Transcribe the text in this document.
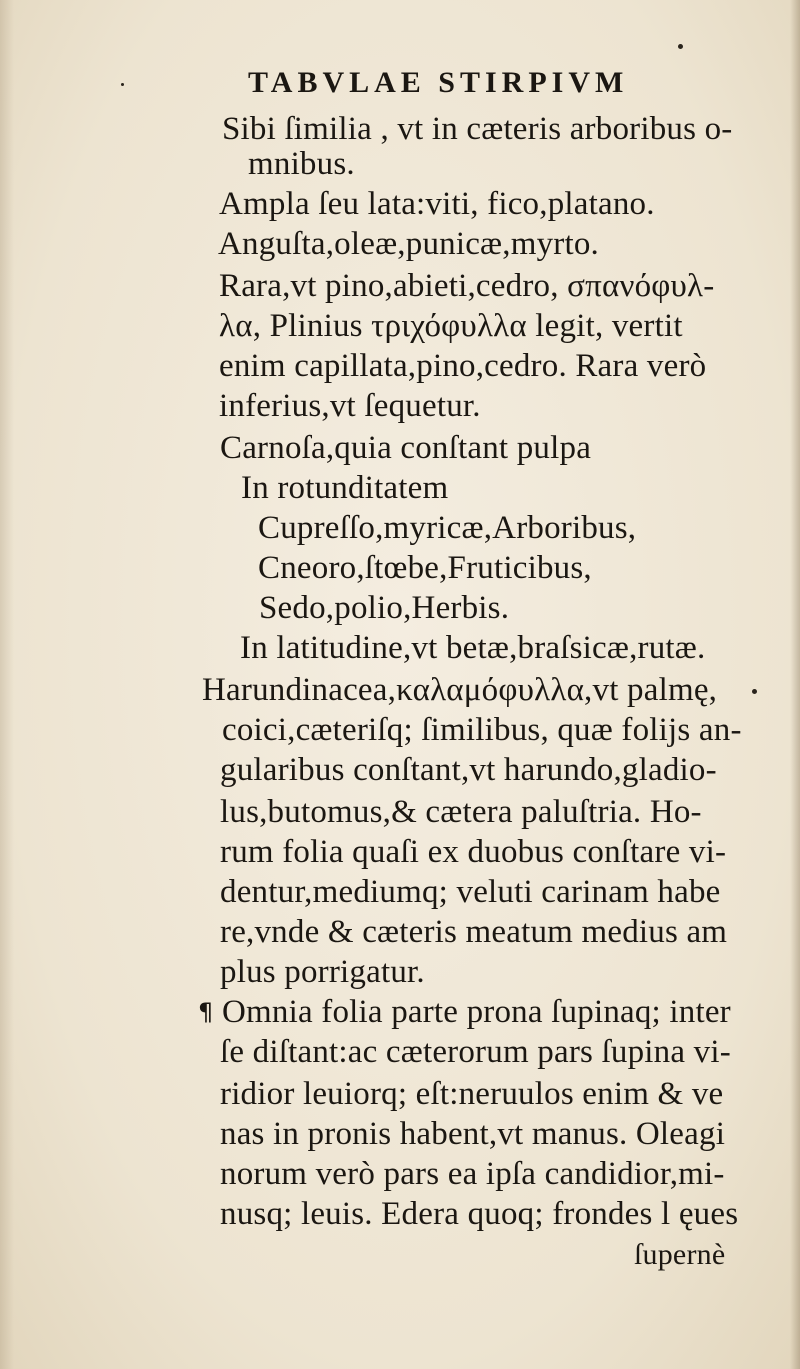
TABVLAE STIRPIVM
Sibi ſimilia , vt in cæteris arboribus o-
mnibus.
Ampla ſeu lata:viti, fico,platano.
Anguſta,oleæ,punicæ,myrto.
Rara,vt pino,abieti,cedro, σπανόφυλ-
λα, Plinius τριχόφυλλα legit, vertit
enim capillata,pino,cedro. Rara verò
inferius,vt ſequetur.
Carnoſa,quia conſtant pulpa
In rotunditatem
Cupreſſo,myricæ,Arboribus,
Cneoro,ſtœbe,Fruticibus,
Sedo,polio,Herbis.
In latitudine,vt betæ,braſsicæ,rutæ.
Harundinacea,καλαμόφυλλα,vt palmę,
coici,cæteriſq; ſimilibus, quæ folijs an-
gularibus conſtant,vt harundo,gladio-
lus,butomus,& cætera paluſtria. Ho-
rum folia quaſi ex duobus conſtare vi-
dentur,mediumq; veluti carinam habe
re,vnde & cæteris meatum medius am
plus porrigatur.
¶ Omnia folia parte prona ſupinaq; inter
ſe diſtant:ac cæterorum pars ſupina vi-
ridior leuiorq; eſt:neruulos enim & ve
nas in pronis habent,vt manus. Oleagi
norum verò pars ea ipſa candidior,mi-
nusq; leuis. Edera quoq; frondes l ęues
ſupernè
